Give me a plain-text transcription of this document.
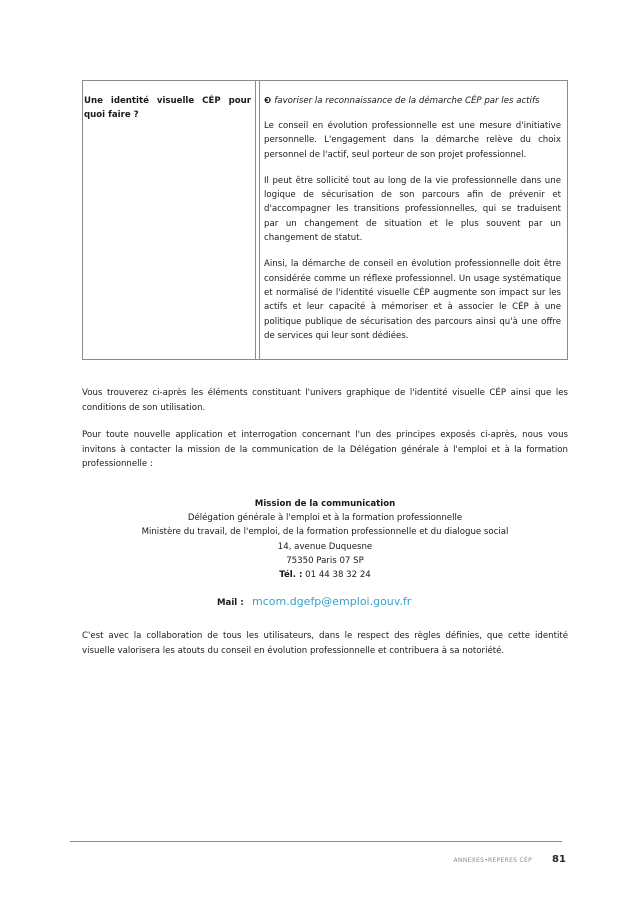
Une identité visuelle CÉP pour quoi faire ?

❸ favoriser la reconnaissance de la démarche CÉP par les actifs

Le conseil en évolution professionnelle est une mesure d'initiative personnelle. L'engagement dans la démarche relève du choix personnel de l'actif, seul porteur de son projet professionnel.

Il peut être sollicité tout au long de la vie professionnelle dans une logique de sécurisation de son parcours afin de prévenir et d'accompagner les transitions professionnelles, qui se traduisent par un changement de situation et le plus souvent par un changement de statut.

Ainsi, la démarche de conseil en évolution professionnelle doit être considérée comme un réflexe professionnel. Un usage systématique et normalisé de l'identité visuelle CÉP augmente son impact sur les actifs et leur capacité à mémoriser et à associer le CÉP à une politique publique de sécurisation des parcours ainsi qu'à une offre de services qui leur sont dédiées.

Vous trouverez ci-après les éléments constituant l'univers graphique de l'identité visuelle CÉP ainsi que les conditions de son utilisation.

Pour toute nouvelle application et interrogation concernant l'un des principes exposés ci-après, nous vous invitons à contacter la mission de la communication de la Délégation générale à l'emploi et à la formation professionnelle :

Mission de la communication
Délégation générale à l'emploi et à la formation professionnelle
Ministère du travail, de l'emploi, de la formation professionnelle et du dialogue social
14, avenue Duquesne
75350 Paris 07 SP
Tél. : 01 44 38 32 24
Mail : mcom.dgefp@emploi.gouv.fr

C'est avec la collaboration de tous les utilisateurs, dans le respect des règles définies, que cette identité visuelle valorisera les atouts du conseil en évolution professionnelle et contribuera à sa notoriété.

ANNEXES•REPERES CÉP 81
